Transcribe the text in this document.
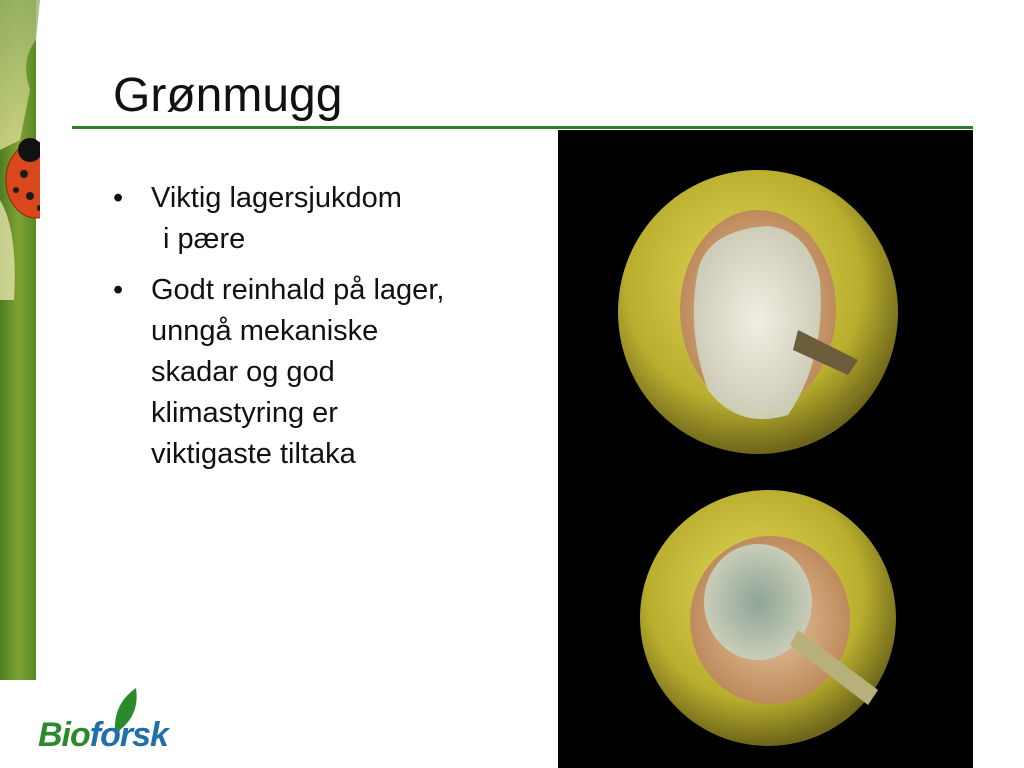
Grønmugg
• Viktig lagersjukdom
i pære
• Godt reinhald på lager,
unngå mekaniske
skadar og god
klimastyring er
viktigaste tiltaka
Bioforsk
